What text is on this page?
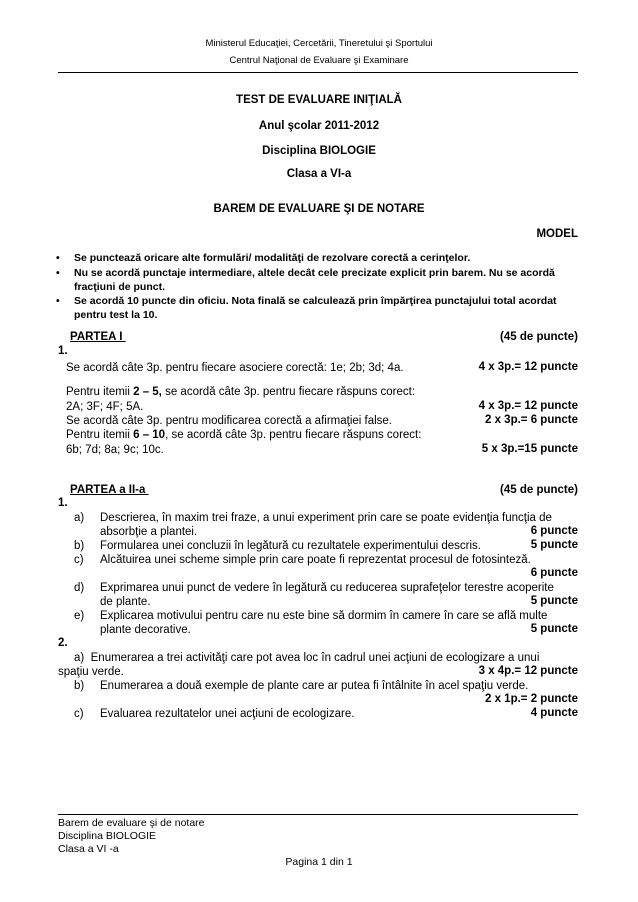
Ministerul Educaţiei, Cercetării, Tineretului şi Sportului
Centrul Naţional de Evaluare şi Examinare
TEST DE EVALUARE INIŢIALĂ
Anul şcolar 2011-2012
Disciplina BIOLOGIE
Clasa a VI-a
BAREM DE EVALUARE ŞI DE NOTARE
MODEL
• Se punctează oricare alte formulări/ modalităţi de rezolvare corectă a cerinţelor.
• Nu se acordă punctaje intermediare, altele decât cele precizate explicit prin barem. Nu se acordă fracţiuni de punct.
• Se acordă 10 puncte din oficiu. Nota finală se calculează prin împărţirea punctajului total acordat pentru test la 10.
PARTEA I	(45 de puncte)

1.
Se acordă câte 3p. pentru fiecare asociere corectă: 1e; 2b; 3d; 4a.	4 x 3p.= 12 puncte
Pentru itemii 2 – 5, se acordă câte 3p. pentru fiecare răspuns corect:
2A; 3F; 4F; 5A.	4 x 3p.= 12 puncte
Se acordă câte 3p. pentru modificarea corectă a afirmaţiei false.	2 x 3p.= 6 puncte
Pentru itemii 6 – 10, se acordă câte 3p. pentru fiecare răspuns corect:
6b; 7d; 8a; 9c; 10c.	5 x 3p.=15 puncte
PARTEA a II-a	(45 de puncte)

1.
a) Descrierea, în maxim trei fraze, a unui experiment prin care se poate evidenţia funcţia de
absorbţie a plantei.	6 puncte
b) Formularea unei concluzii în legătură cu rezultatele experimentului descris.	5 puncte
c) Alcătuirea unei scheme simple prin care poate fi reprezentat procesul de fotosinteză.
6 puncte
d) Exprimarea unui punct de vedere în legătură cu reducerea suprafeţelor terestre acoperite
de plante.	5 puncte
e) Explicarea motivului pentru care nu este bine să dormim în camere în care se află multe
plante decorative.	5 puncte
2.
a) Enumerarea a trei activităţi care pot avea loc în cadrul unei acţiuni de ecologizare a unui
spaţiu verde.	3 x 4p.= 12 puncte
b) Enumerarea a două exemple de plante care ar putea fi întâlnite în acel spaţiu verde.
2 x 1p.= 2 puncte
c) Evaluarea rezultatelor unei acţiuni de ecologizare.	4 puncte
Barem de evaluare şi de notare
Disciplina BIOLOGIE
Clasa a VI -a
Pagina 1 din 1
